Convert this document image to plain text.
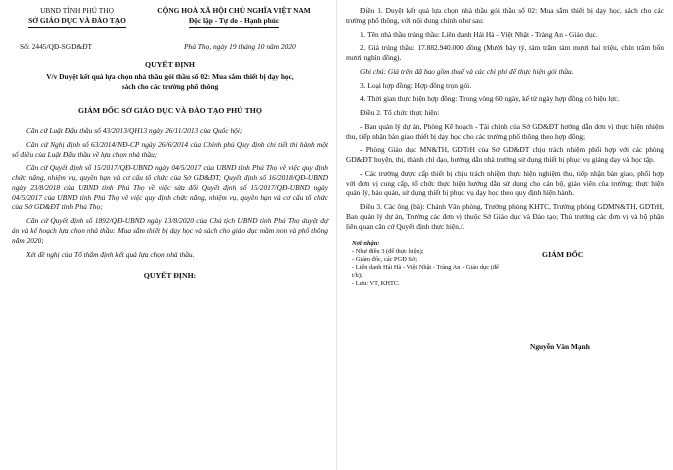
UBND TỈNH PHÚ THỌ
SỞ GIÁO DỤC VÀ ĐÀO TẠO
CỘNG HOÀ XÃ HỘI CHỦ NGHĨA VIỆT NAM
Độc lập - Tự do - Hạnh phúc
Số: 2445/QĐ-SGD&ĐT	Phú Thọ, ngày 19 tháng 10 năm 2020
QUYẾT ĐỊNH
V/v Duyệt kết quả lựa chọn nhà thầu gói thầu số 02: Mua sắm thiết bị dạy học, sách cho các trường phổ thông
GIÁM ĐỐC SỞ GIÁO DỤC VÀ ĐÀO TẠO PHÚ THỌ

Căn cứ Luật Đấu thầu số 43/2013/QH13 ngày 26/11/2013 của Quốc hội;

Căn cứ Nghị định số 63/2014/NĐ-CP ngày 26/6/2014 của Chính phủ Quy định chi tiết thi hành một số điều của Luật Đấu thầu về lựa chọn nhà thầu;

Căn cứ Quyết định số 15/2017/QĐ-UBND ngày 04/5/2017 của UBND tỉnh Phú Thọ về việc quy định chức năng, nhiệm vụ, quyền hạn và cơ cấu tổ chức của Sở GD&ĐT; Quyết định số 16/2018/QĐ-UBND ngày 23/8/2018 của UBND tỉnh Phú Thọ về việc sửa đổi Quyết định số 15/2017/QĐ-UBND ngày 04/5/2017 của UBND tỉnh Phú Thọ về việc quy định chức năng, nhiệm vụ, quyền hạn và cơ cấu tổ chức của Sở GD&ĐT tỉnh Phú Thọ;

Căn cứ Quyết định số 1892/QĐ-UBND ngày 13/8/2020 của Chủ tịch UBND tỉnh Phú Thọ duyệt dự án và kế hoạch lựa chọn nhà thầu: Mua sắm thiết bị dạy học và sách cho giáo dục mầm non và phổ thông năm 2020;

Xét đề nghị của Tổ thẩm định kết quả lựa chọn nhà thầu.

QUYẾT ĐỊNH:

Điều 1. Duyệt kết quả lựa chọn nhà thầu gói thầu số 02: Mua sắm thiết bị dạy học, sách cho các trường phổ thông, với nội dung chính như sau:

1. Tên nhà thầu trúng thầu: Liên danh Hải Hà - Việt Nhật - Tràng An - Giáo dục.

2. Giá trúng thầu: 17.882.940.000 đồng (Mười bảy tỷ, tám trăm tám mươi hai triệu, chín trăm bốn mươi nghìn đồng).

Ghi chú: Giá trên đã bao gồm thuế và các chi phí để thực hiện gói thầu.

3. Loại hợp đồng: Hợp đồng trọn gói.

4. Thời gian thực hiện hợp đồng: Trong vòng 60 ngày, kể từ ngày hợp đồng có hiệu lực.

Điều 2. Tổ chức thực hiện:

- Ban quản lý dự án, Phòng Kế hoạch - Tài chính của Sở GD&ĐT hướng dẫn đơn vị thực hiện nhiệm thu, tiếp nhận bàn giao thiết bị dạy học cho các trường phổ thông theo hợp đồng;

- Phòng Giáo dục MN&TH, GDTrH của Sở GD&ĐT chịu trách nhiệm phối hợp với các phòng GD&ĐT huyện, thị, thành chỉ đạo, hướng dẫn nhà trường sử dụng thiết bị phục vụ giảng dạy và học tập.

- Các trường được cấp thiết bị chịu trách nhiệm thực hiện nghiệm thu, tiếp nhận bàn giao, phối hợp với đơn vị cung cấp, tổ chức thực hiện hướng dẫn sử dụng cho cán bộ, giáo viên của trường; thực hiện quản lý, bảo quản, sử dụng thiết bị phục vụ dạy học theo quy định hiện hành.

Điều 3. Các ông (bà): Chánh Văn phòng, Trưởng phòng KHTC, Trưởng phòng GDMN&TH, GDTrH, Ban quản lý dự án, Trưởng các đơn vị thuộc Sở Giáo dục và Đào tạo; Thủ trưởng các đơn vị và bộ phận liên quan căn cứ Quyết định thực hiện./.

Nơi nhận:
- Như điều 3 (để thực hiện);
- Giám đốc, các PGĐ Sở;
- Liên danh Hải Hà - Việt Nhật - Tràng An - Giáo dục (để t/h);
- Lưu: VT, KHTC.
GIÁM ĐỐC
Nguyễn Văn Mạnh
